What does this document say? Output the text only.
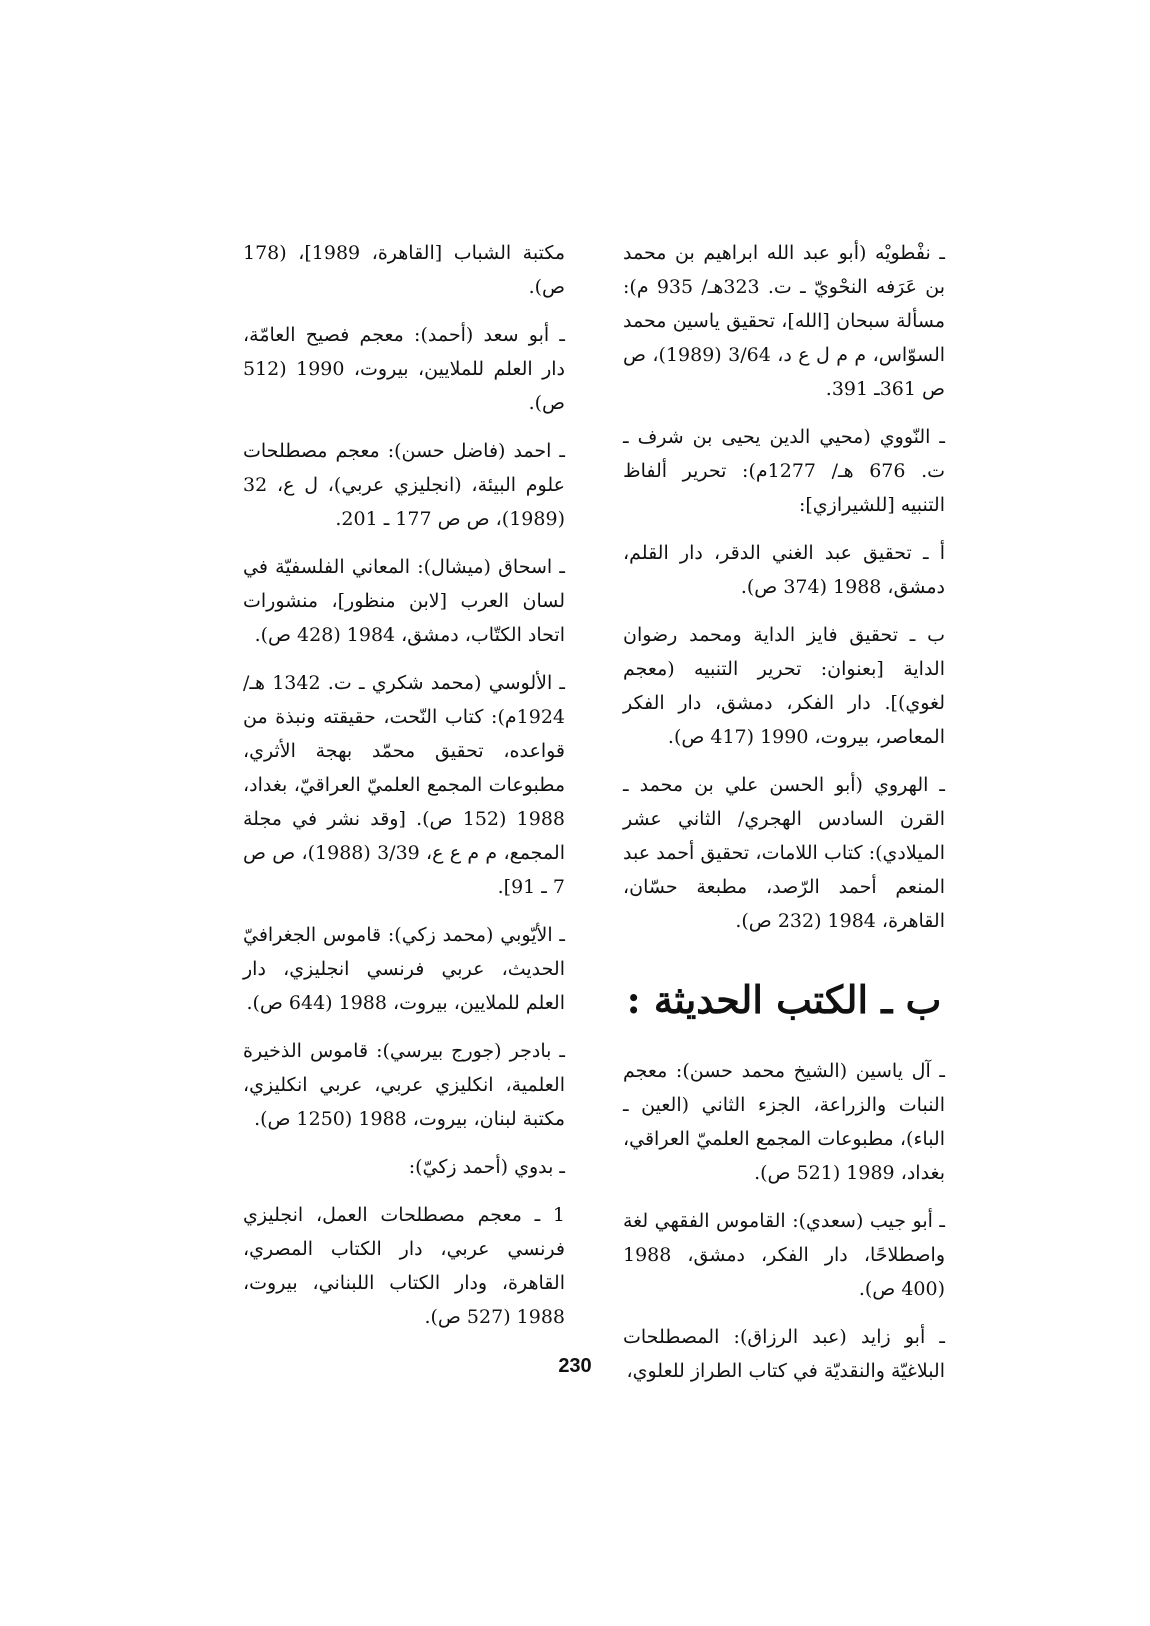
ـ نفْطويْه (أبو عبد الله ابراهيم بن محمد بن عَرَفه النحْويّ ـ ت. 323هـ/ 935 م): مسألة سبحان [الله]، تحقيق ياسين محمد السوّاس، م م ل ع د، 3/64 (1989)، ص ص 361ـ 391.

ـ النّووي (محيي الدين يحيى بن شرف ـ ت. 676 هـ/ 1277م): تحرير ألفاظ التنبيه [للشيرازي]:

أ ـ تحقيق عبد الغني الدقر، دار القلم، دمشق، 1988 (374 ص).

ب ـ تحقيق فايز الداية ومحمد رضوان الداية [بعنوان: تحرير التنبيه (معجم لغوي)]. دار الفكر، دمشق، دار الفكر المعاصر، بيروت، 1990 (417 ص).

ـ الهروي (أبو الحسن علي بن محمد ـ القرن السادس الهجري/ الثاني عشر الميلادي): كتاب اللامات، تحقيق أحمد عبد المنعم أحمد الرّصد، مطبعة حسّان، القاهرة، 1984 (232 ص).

ب ـ الكتب الحديثة :

ـ آل ياسين (الشيخ محمد حسن): معجم النبات والزراعة، الجزء الثاني (العين ـ الباء)، مطبوعات المجمع العلميّ العراقي، بغداد، 1989 (521 ص).

ـ أبو جيب (سعدي): القاموس الفقهي لغة واصطلاحًا، دار الفكر، دمشق، 1988 (400 ص).

ـ أبو زايد (عبد الرزاق): المصطلحات البلاغيّة والنقديّة في كتاب الطراز للعلوي،

مكتبة الشباب [القاهرة، 1989]، (178 ص).

ـ أبو سعد (أحمد): معجم فصيح العامّة، دار العلم للملايين، بيروت، 1990 (512 ص).

ـ احمد (فاضل حسن): معجم مصطلحات علوم البيئة، (انجليزي عربي)، ل ع، 32 (1989)، ص ص 177 ـ 201.

ـ اسحاق (ميشال): المعاني الفلسفيّة في لسان العرب [لابن منظور]، منشورات اتحاد الكتّاب، دمشق، 1984 (428 ص).

ـ الألوسي (محمد شكري ـ ت. 1342 هـ/ 1924م): كتاب النّحت، حقيقته ونبذة من قواعده، تحقيق محمّد بهجة الأثري، مطبوعات المجمع العلميّ العراقيّ، بغداد، 1988 (152 ص). [وقد نشر في مجلة المجمع، م م ع ع، 3/39 (1988)، ص ص 7 ـ 91].

ـ الأيّوبي (محمد زكي): قاموس الجغرافيّ الحديث، عربي فرنسي انجليزي، دار العلم للملايين، بيروت، 1988 (644 ص).

ـ بادجر (جورج بيرسي): قاموس الذخيرة العلمية، انكليزي عربي، عربي انكليزي، مكتبة لبنان، بيروت، 1988 (1250 ص).

ـ بدوي (أحمد زكيّ):

1 ـ معجم مصطلحات العمل، انجليزي فرنسي عربي، دار الكتاب المصري، القاهرة، ودار الكتاب اللبناني، بيروت، 1988 (527 ص).

230
